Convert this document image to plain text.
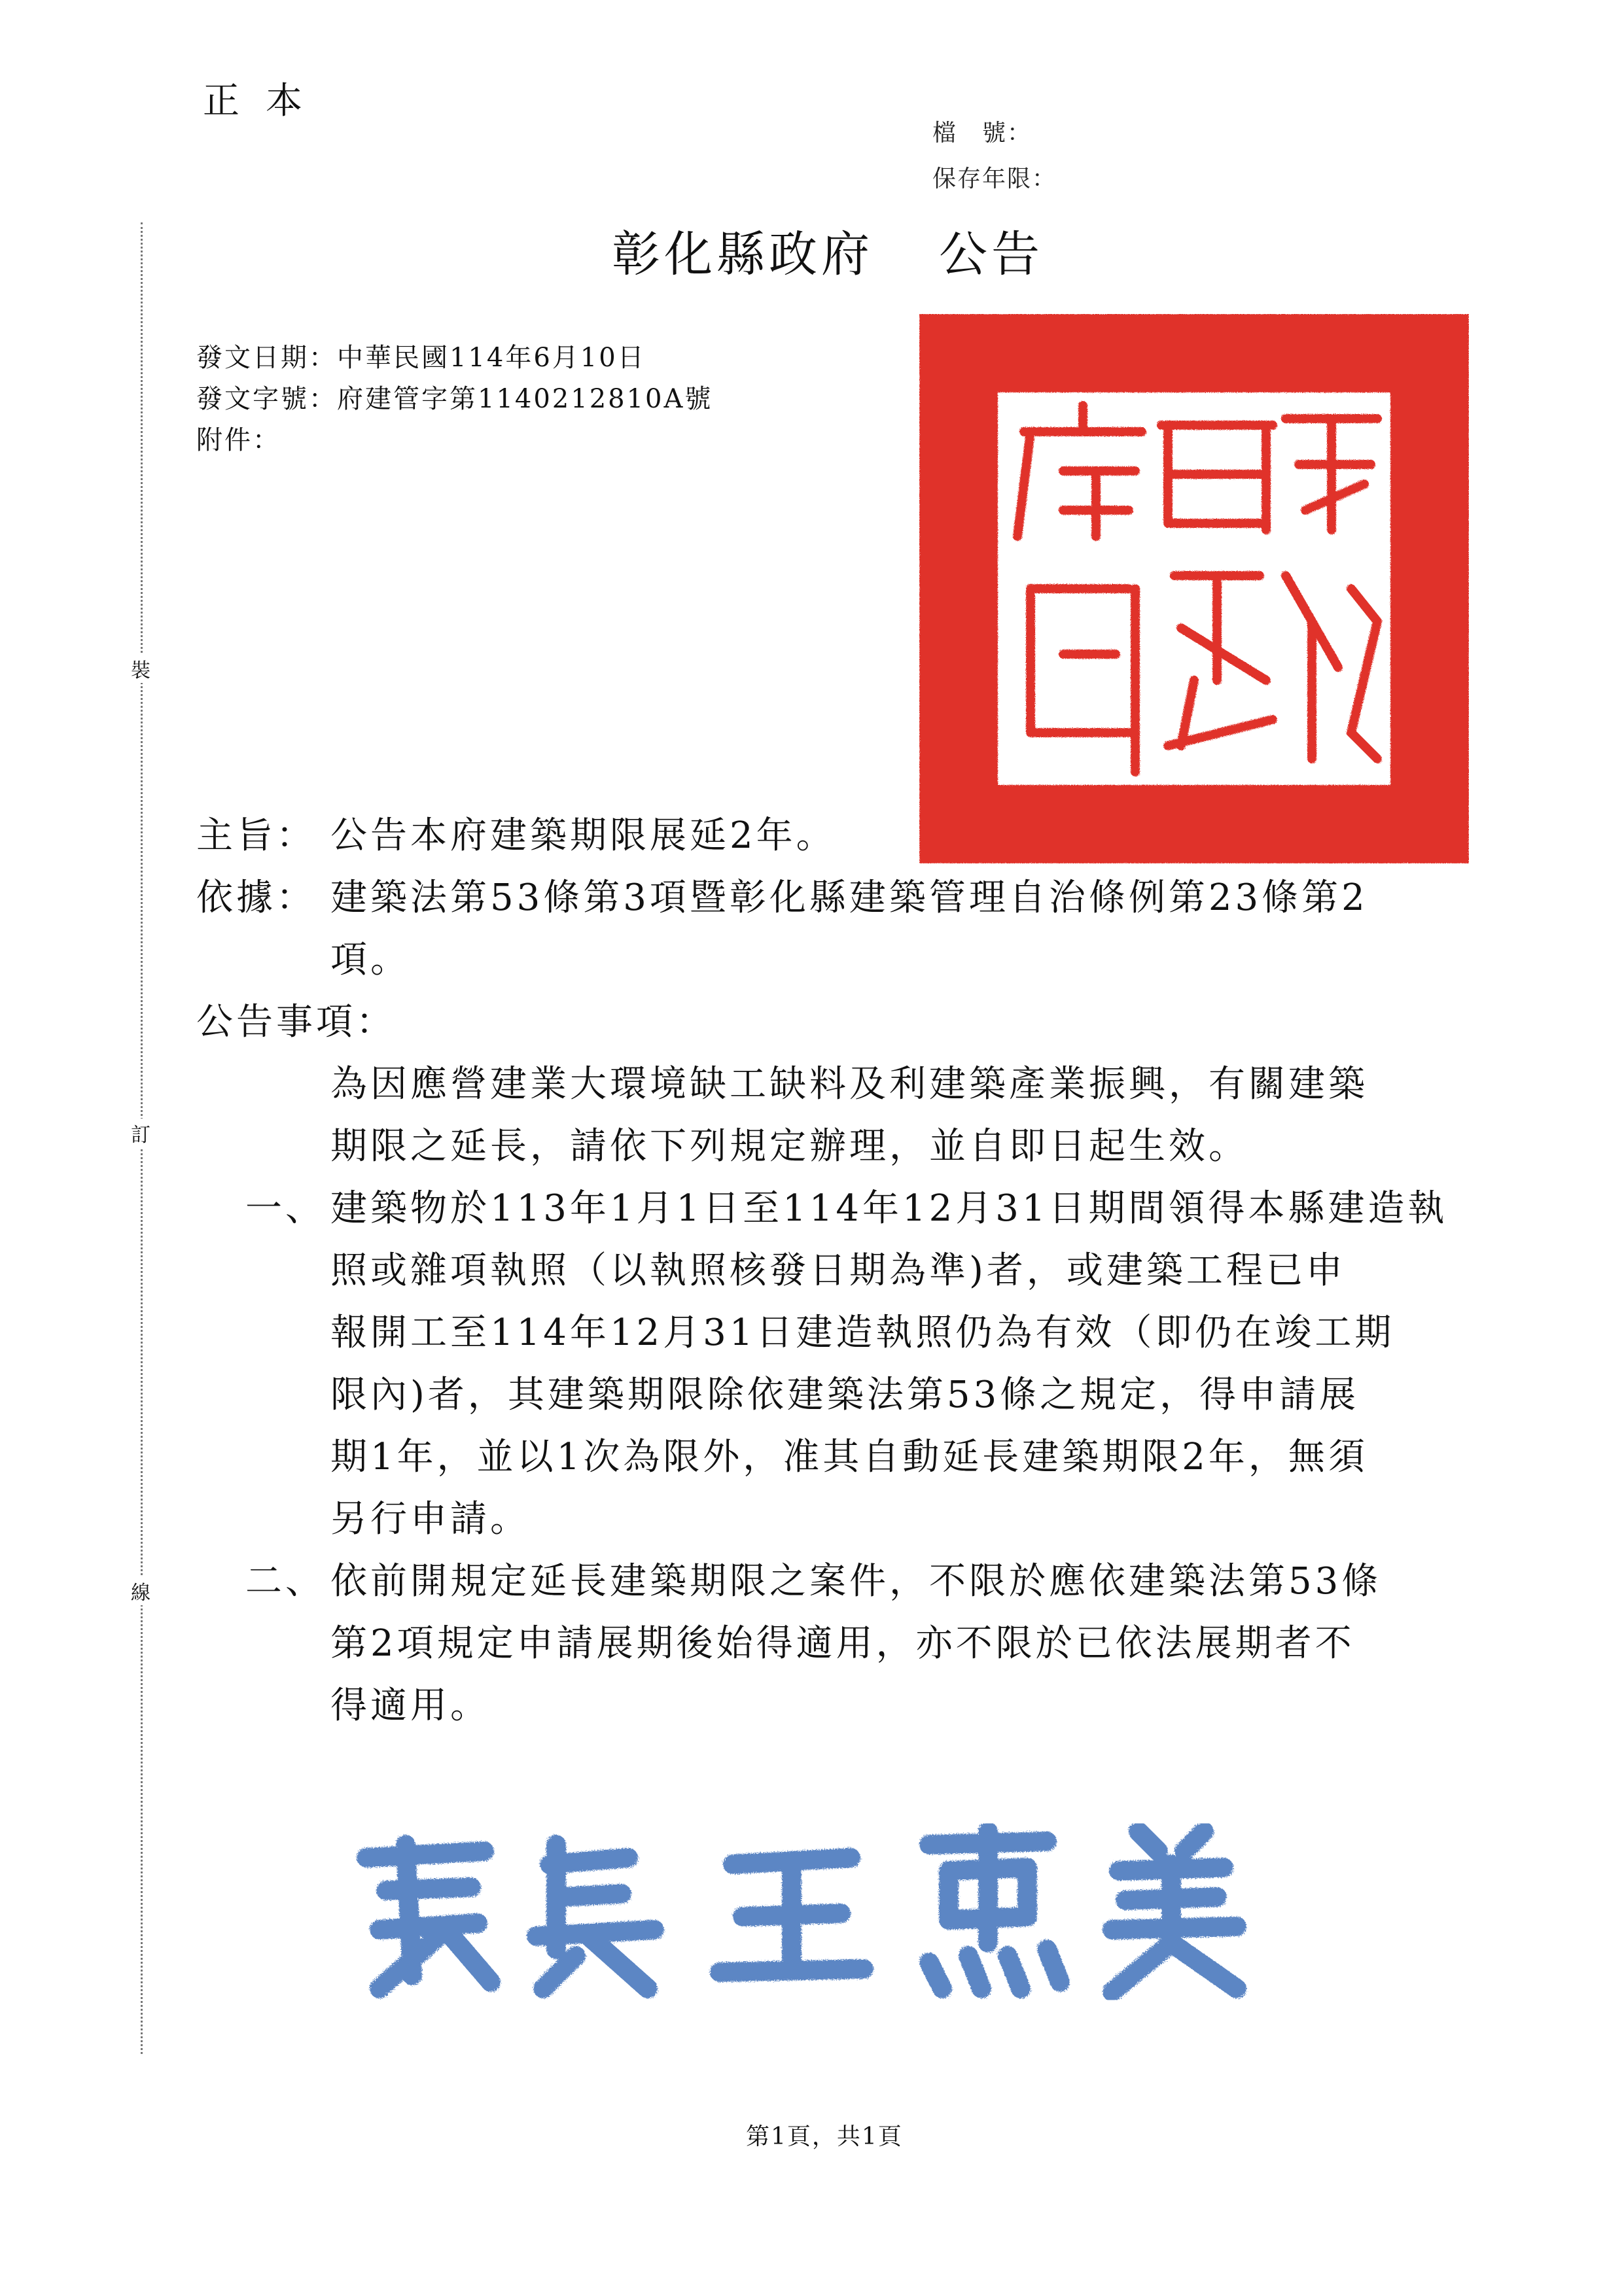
正本
檔　號：
保存年限：
彰化縣政府 公告
發文日期：中華民國114年6月10日
發文字號：府建管字第1140212810A號
附件：
裝
訂
線
主旨： 公告本府建築期限展延2年。
依據： 建築法第53條第3項暨彰化縣建築管理自治條例第23條第2
項。
公告事項：
為因應營建業大環境缺工缺料及利建築產業振興，有關建築
期限之延長，請依下列規定辦理，並自即日起生效。
一、 建築物於113年1月1日至114年12月31日期間領得本縣建造執
照或雜項執照（以執照核發日期為準)者，或建築工程已申
報開工至114年12月31日建造執照仍為有效（即仍在竣工期
限內)者，其建築期限除依建築法第53條之規定，得申請展
期1年，並以1次為限外，准其自動延長建築期限2年，無須
另行申請。
二、 依前開規定延長建築期限之案件，不限於應依建築法第53條
第2項規定申請展期後始得適用，亦不限於已依法展期者不
得適用。
第1頁，共1頁
